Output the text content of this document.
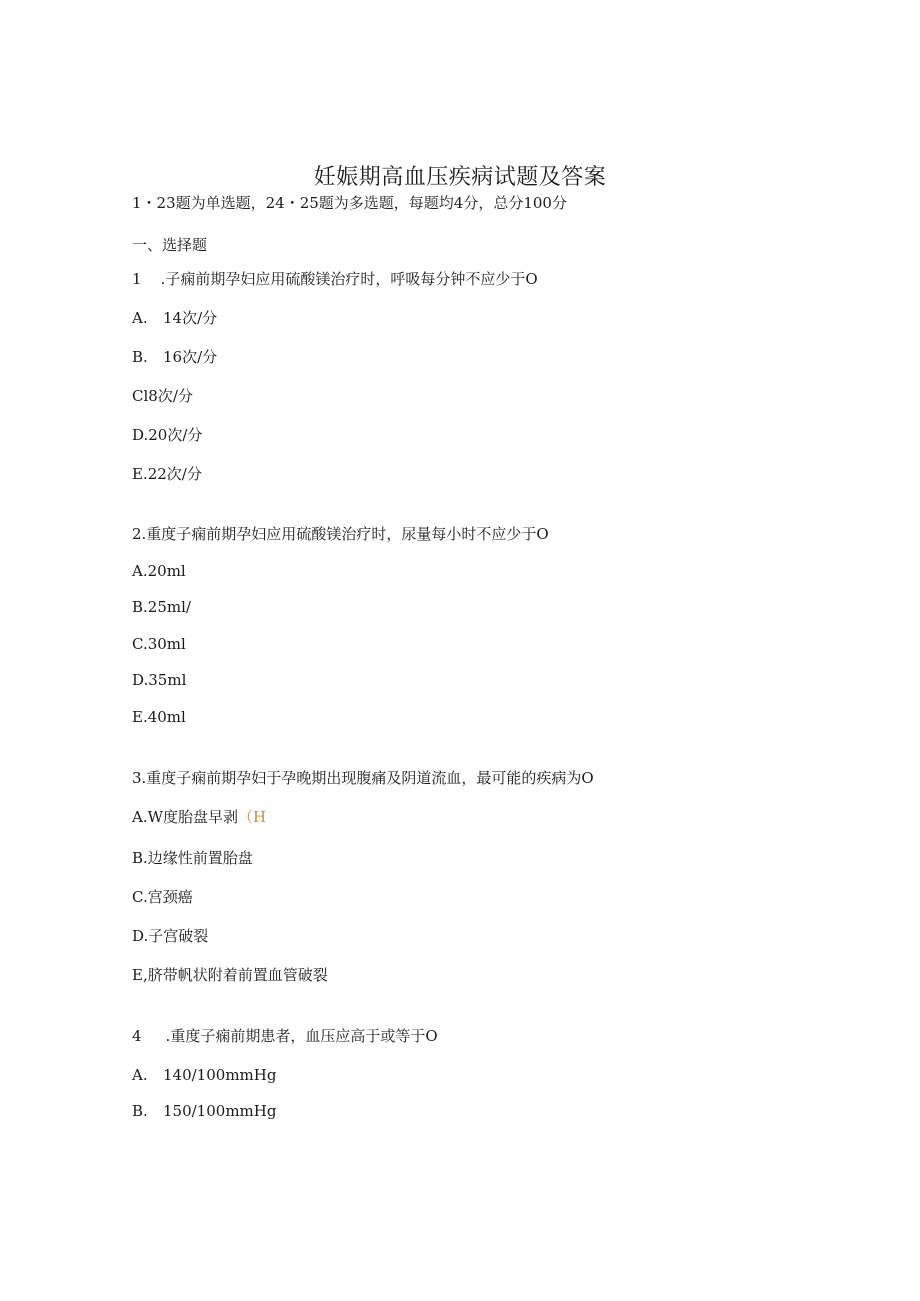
妊娠期高血压疾病试题及答案
1・23题为单选题，24・25题为多选题，每题均4分，总分100分
一、选择题
1 .子痫前期孕妇应用硫酸镁治疗时，呼吸每分钟不应少于O
A. 14次/分
B. 16次/分
Cl8次/分
D.20次/分
E.22次/分
2.重度子痫前期孕妇应用硫酸镁治疗时，尿量每小时不应少于O
A.20ml
B.25ml/
C.30ml
D.35ml
E.40ml
3.重度子痫前期孕妇于孕晚期出现腹痛及阴道流血，最可能的疾病为O
A.W度胎盘早剥（H
B.边缘性前置胎盘
C.宫颈癌
D.子宫破裂
E,脐带帆状附着前置血管破裂
4 .重度子痫前期患者，血压应高于或等于O
A. 140/100mmHg
B. 150/100mmHg
